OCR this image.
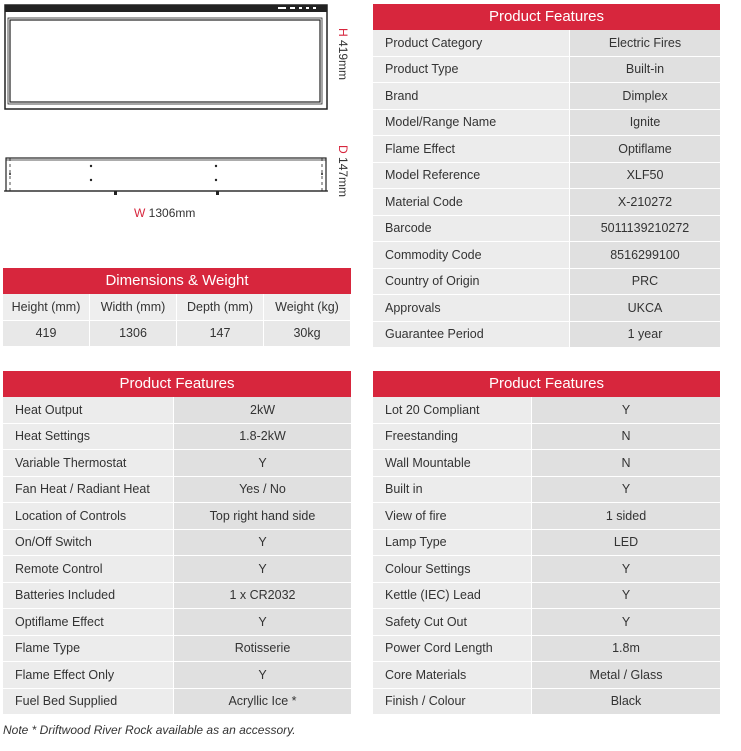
H 419mm
D 147mm
W 1306mm
Dimensions & Weight
Height (mm)	Width (mm)	Depth (mm)	Weight (kg)
419	1306	147	30kg
Product Features
Product Category	Electric Fires
Product Type	Built-in
Brand	Dimplex
Model/Range Name	Ignite
Flame Effect	Optiflame
Model Reference	XLF50
Material Code	X-210272
Barcode	5011139210272
Commodity Code	8516299100
Country of Origin	PRC
Approvals	UKCA
Guarantee Period	1 year
Product Features
Heat Output	2kW
Heat Settings	1.8-2kW
Variable Thermostat	Y
Fan Heat / Radiant Heat	Yes / No
Location of Controls	Top right hand side
On/Off Switch	Y
Remote Control	Y
Batteries Included	1 x CR2032
Optiflame Effect	Y
Flame Type	Rotisserie
Flame Effect Only	Y
Fuel Bed Supplied	Acryllic Ice *
Product Features
Lot 20 Compliant	Y
Freestanding	N
Wall Mountable	N
Built in	Y
View of fire	1 sided
Lamp Type	LED
Colour Settings	Y
Kettle (IEC) Lead	Y
Safety Cut Out	Y
Power Cord Length	1.8m
Core Materials	Metal / Glass
Finish / Colour	Black
Note * Driftwood River Rock available as an accessory.
